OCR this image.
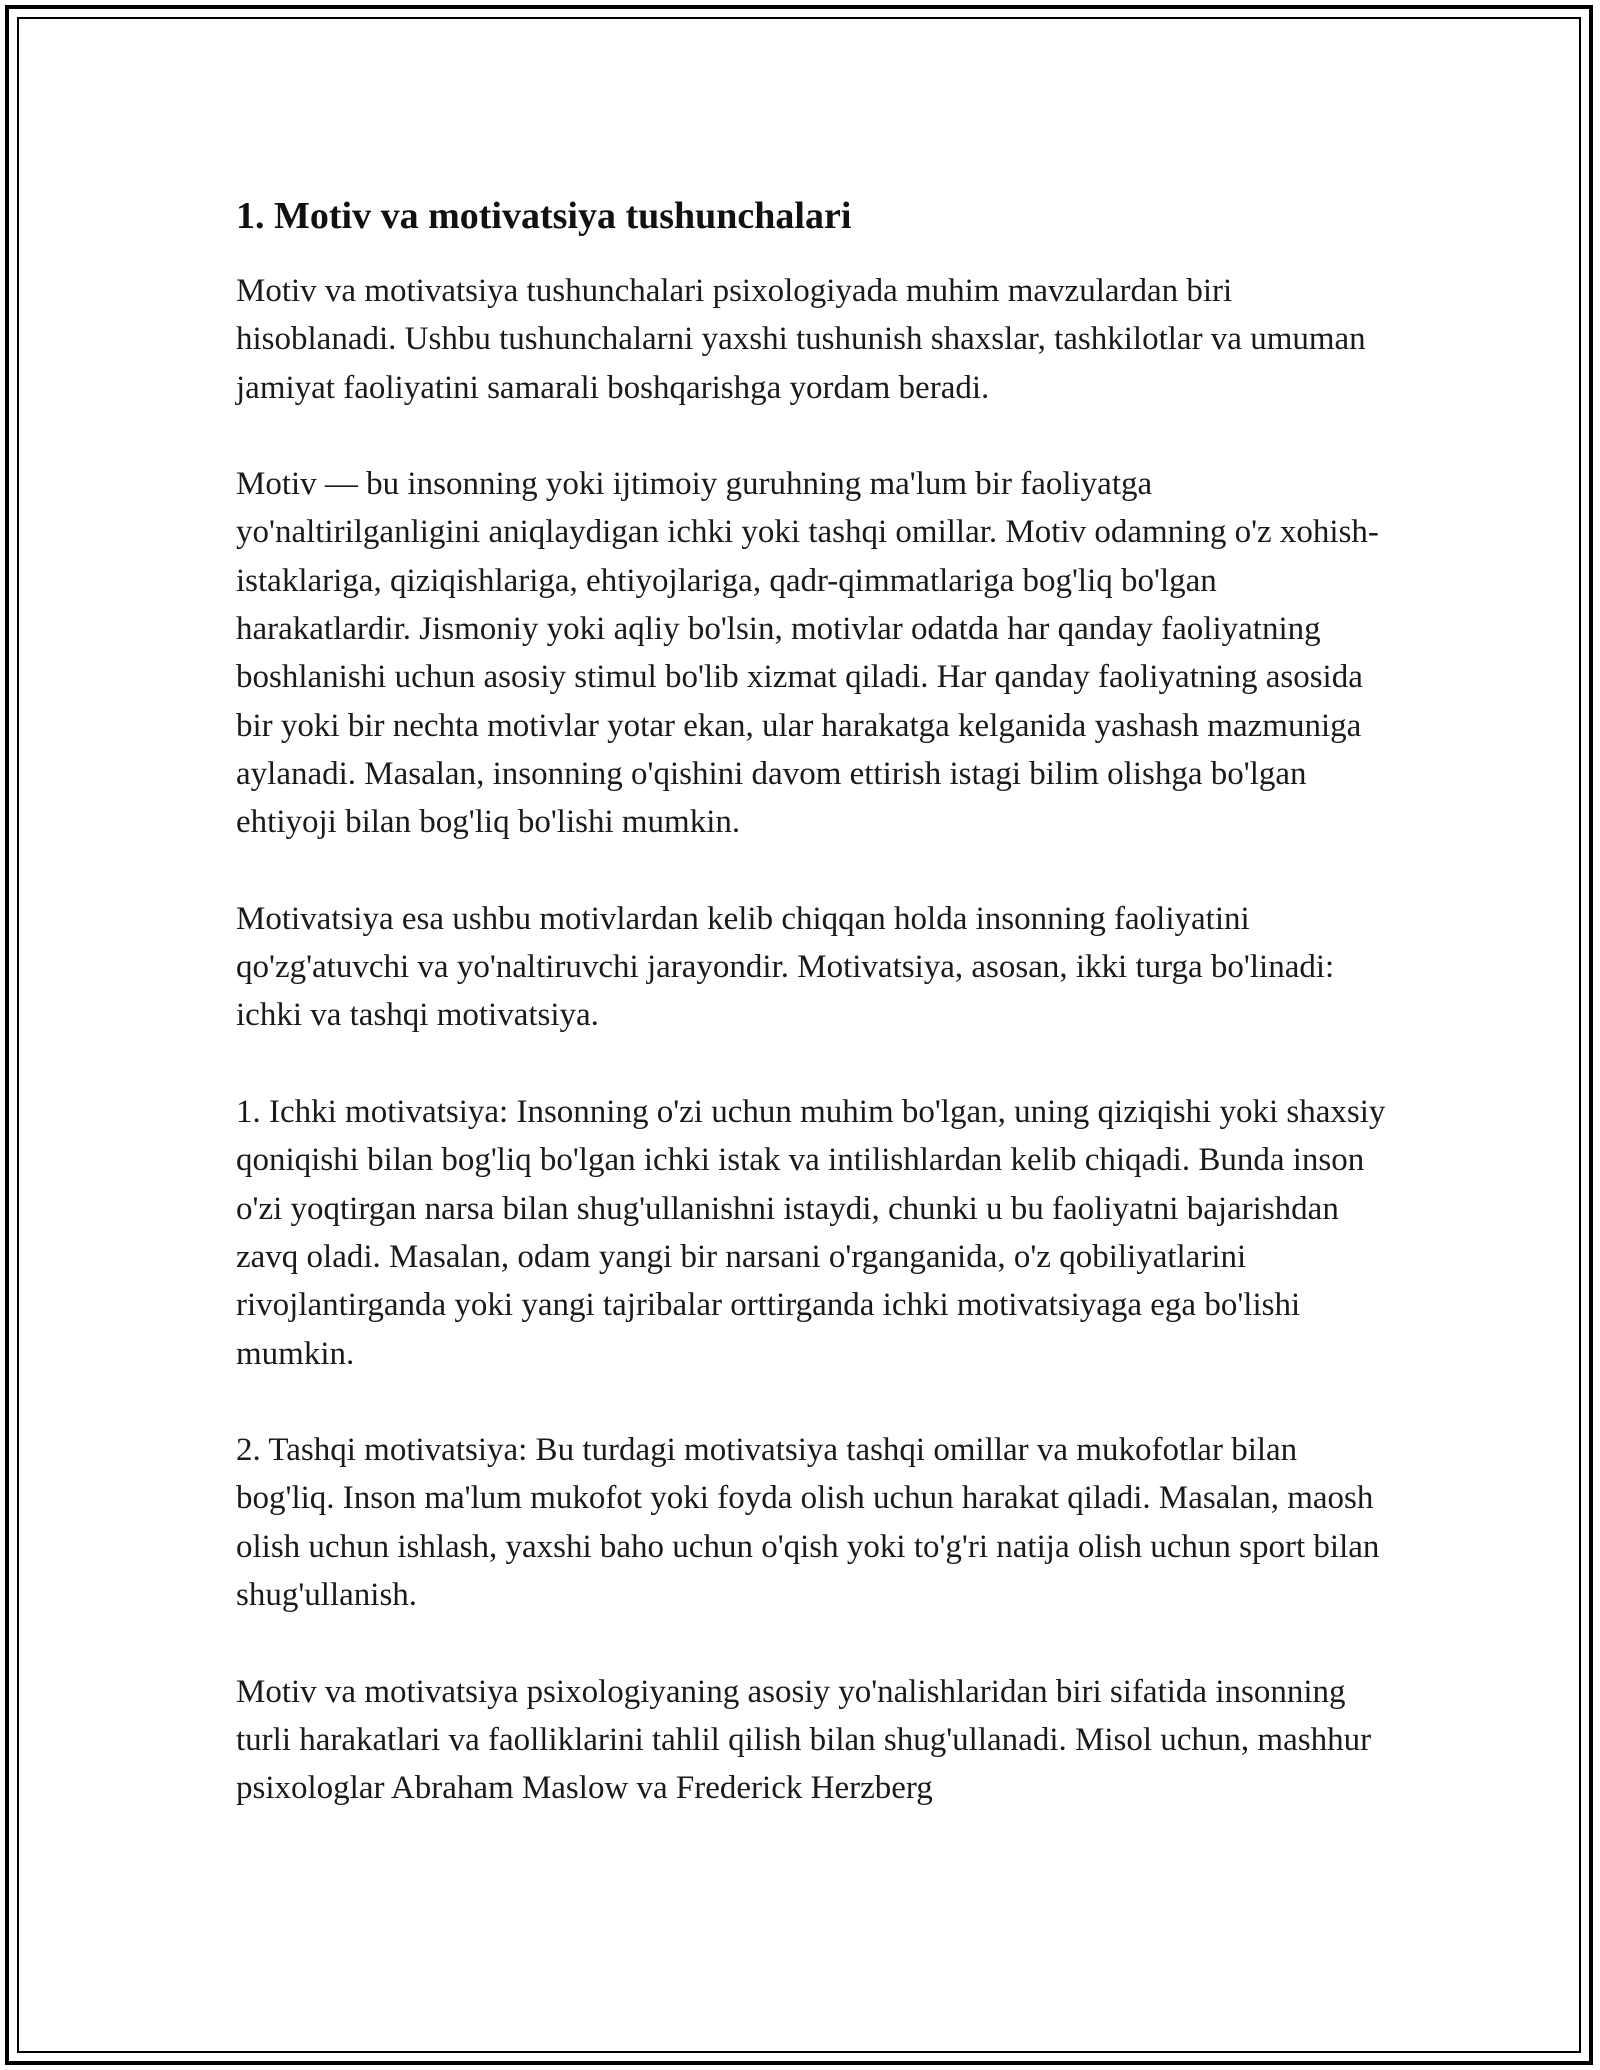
1. Motiv va motivatsiya tushunchalari

Motiv va motivatsiya tushunchalari psixologiyada muhim mavzulardan biri hisoblanadi. Ushbu tushunchalarni yaxshi tushunish shaxslar, tashkilotlar va umuman jamiyat faoliyatini samarali boshqarishga yordam beradi.

Motiv — bu insonning yoki ijtimoiy guruhning ma'lum bir faoliyatga yo'naltirilganligini aniqlaydigan ichki yoki tashqi omillar. Motiv odamning o'z xohish-istaklariga, qiziqishlariga, ehtiyojlariga, qadr-qimmatlariga bog'liq bo'lgan harakatlardir. Jismoniy yoki aqliy bo'lsin, motivlar odatda har qanday faoliyatning boshlanishi uchun asosiy stimul bo'lib xizmat qiladi. Har qanday faoliyatning asosida bir yoki bir nechta motivlar yotar ekan, ular harakatga kelganida yashash mazmuniga aylanadi. Masalan, insonning o'qishini davom ettirish istagi bilim olishga bo'lgan ehtiyoji bilan bog'liq bo'lishi mumkin.

Motivatsiya esa ushbu motivlardan kelib chiqqan holda insonning faoliyatini qo'zg'atuvchi va yo'naltiruvchi jarayondir. Motivatsiya, asosan, ikki turga bo'linadi: ichki va tashqi motivatsiya.

1. Ichki motivatsiya: Insonning o'zi uchun muhim bo'lgan, uning qiziqishi yoki shaxsiy qoniqishi bilan bog'liq bo'lgan ichki istak va intilishlardan kelib chiqadi. Bunda inson o'zi yoqtirgan narsa bilan shug'ullanishni istaydi, chunki u bu faoliyatni bajarishdan zavq oladi. Masalan, odam yangi bir narsani o'rganganida, o'z qobiliyatlarini rivojlantirganda yoki yangi tajribalar orttirganda ichki motivatsiyaga ega bo'lishi mumkin.

2. Tashqi motivatsiya: Bu turdagi motivatsiya tashqi omillar va mukofotlar bilan bog'liq. Inson ma'lum mukofot yoki foyda olish uchun harakat qiladi. Masalan, maosh olish uchun ishlash, yaxshi baho uchun o'qish yoki to'g'ri natija olish uchun sport bilan shug'ullanish.

Motiv va motivatsiya psixologiyaning asosiy yo'nalishlaridan biri sifatida insonning turli harakatlari va faolliklarini tahlil qilish bilan shug'ullanadi. Misol uchun, mashhur psixologlar Abraham Maslow va Frederick Herzberg
